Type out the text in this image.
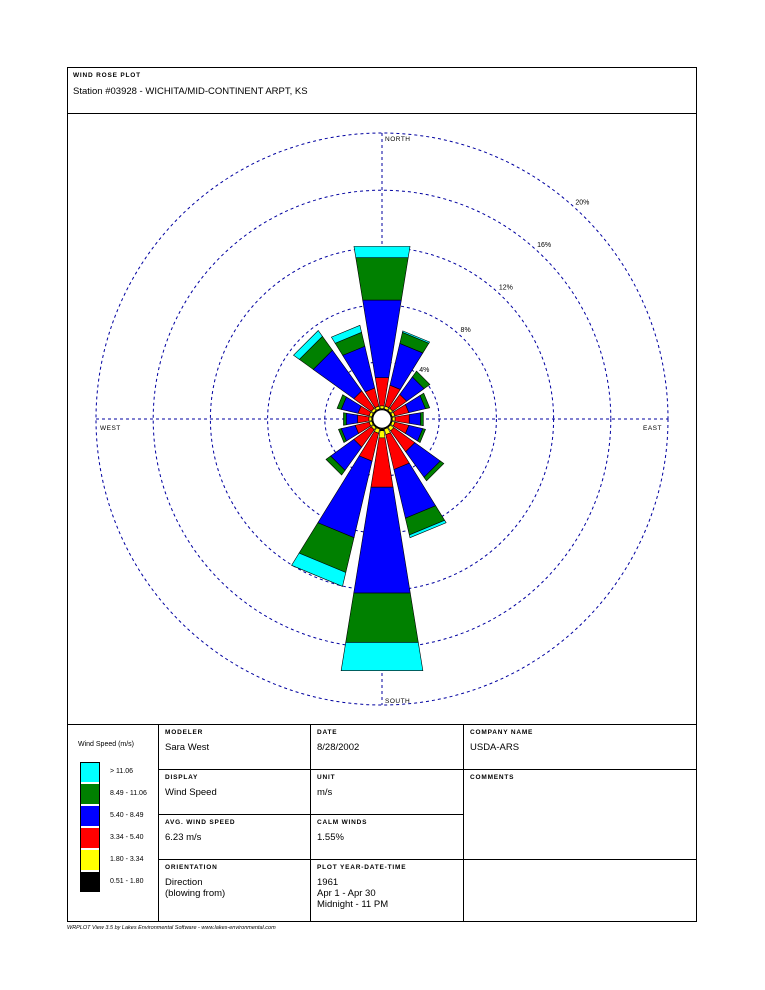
WIND ROSE PLOT
Station #03928 - WICHITA/MID-CONTINENT ARPT, KS
4%
8%
12%
16%
20%
NORTH
SOUTH
EAST
WEST
Wind Speed (m/s)
> 11.06
8.49 - 11.06
5.40 - 8.49
3.34 - 5.40
1.80 - 3.34
0.51 - 1.80
MODELER
Sara West
DATE
8/28/2002
COMPANY NAME
USDA-ARS
DISPLAY
Wind Speed
UNIT
m/s
COMMENTS
AVG. WIND SPEED
6.23 m/s
CALM WINDS
1.55%
ORIENTATION
Direction
(blowing from)
PLOT YEAR-DATE-TIME
1961
Apr 1 - Apr 30
Midnight - 11 PM
WRPLOT View 3.5 by Lakes Environmental Software - www.lakes-environmental.com
